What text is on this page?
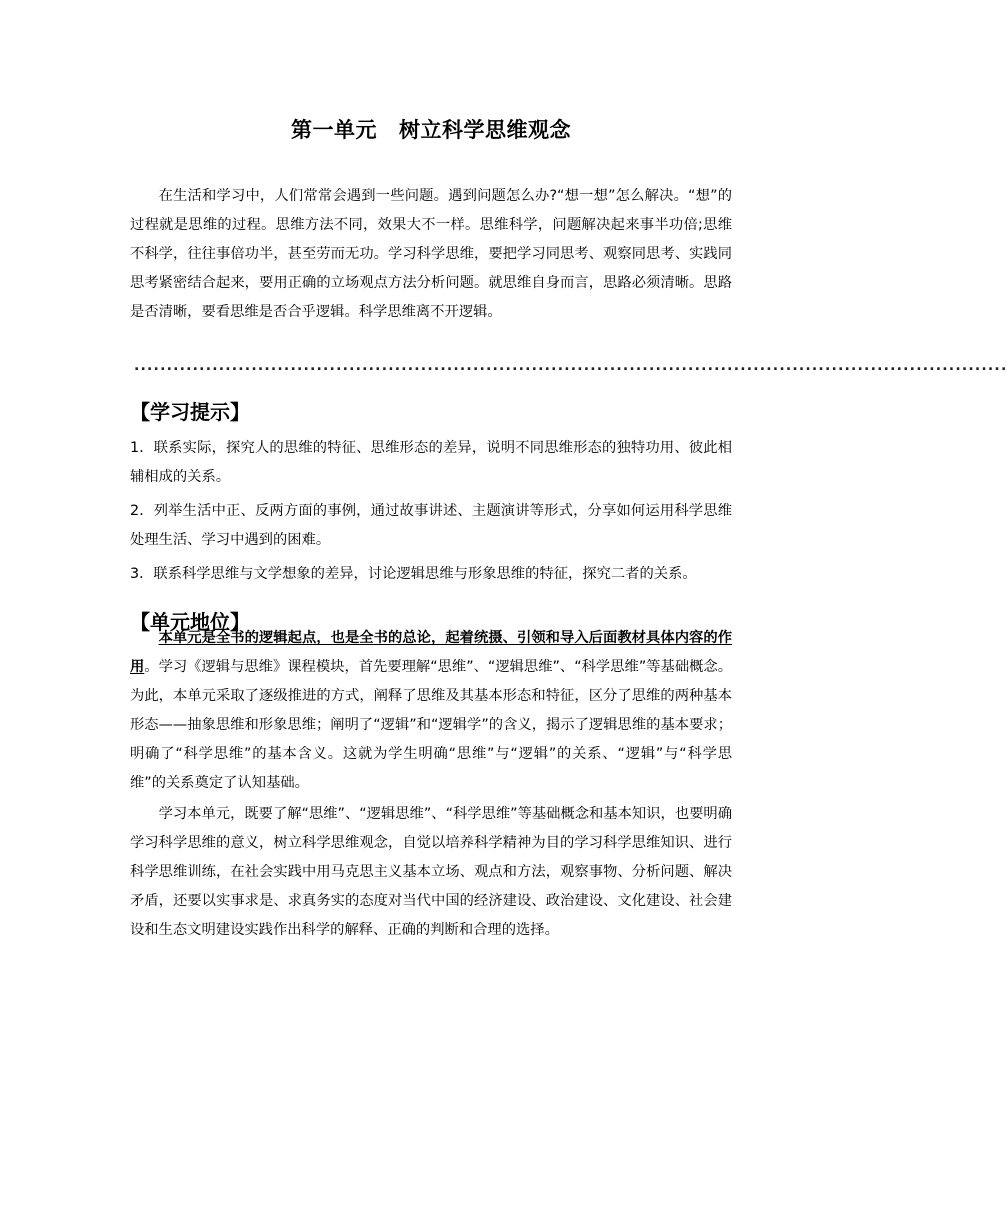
第一单元 树立科学思维观念

在生活和学习中，人们常常会遇到一些问题。遇到问题怎么办?“想一想”怎么解决。“想”的过程就是思维的过程。思维方法不同，效果大不一样。思维科学，问题解决起来事半功倍;思维不科学，往往事倍功半，甚至劳而无功。学习科学思维，要把学习同思考、观察同思考、实践同思考紧密结合起来，要用正确的立场观点方法分析问题。就思维自身而言，思路必须清晰。思路是否清晰，要看思维是否合乎逻辑。科学思维离不开逻辑。

......................................................................................................................................
【学习提示】

1．联系实际，探究人的思维的特征、思维形态的差异，说明不同思维形态的独特功用、彼此相辅相成的关系。

2．列举生活中正、反两方面的事例，通过故事讲述、主题演讲等形式，分享如何运用科学思维处理生活、学习中遇到的困难。

3．联系科学思维与文学想象的差异，讨论逻辑思维与形象思维的特征，探究二者的关系。

【单元地位】

本单元是全书的逻辑起点，也是全书的总论，起着统摄、引领和导入后面教材具体内容的作用。学习《逻辑与思维》课程模块，首先要理解“思维”、“逻辑思维”、“科学思维”等基础概念。为此，本单元采取了逐级推进的方式，阐释了思维及其基本形态和特征，区分了思维的两种基本形态——抽象思维和形象思维；阐明了“逻辑”和“逻辑学”的含义，揭示了逻辑思维的基本要求；明确了“科学思维”的基本含义。这就为学生明确“思维”与“逻辑”的关系、“逻辑”与“科学思维”的关系奠定了认知基础。

学习本单元，既要了解“思维”、“逻辑思维”、“科学思维”等基础概念和基本知识，也要明确学习科学思维的意义，树立科学思维观念，自觉以培养科学精神为目的学习科学思维知识、进行科学思维训练，在社会实践中用马克思主义基本立场、观点和方法，观察事物、分析问题、解决矛盾，还要以实事求是、求真务实的态度对当代中国的经济建设、政治建设、文化建设、社会建设和生态文明建设实践作出科学的解释、正确的判断和合理的选择。
